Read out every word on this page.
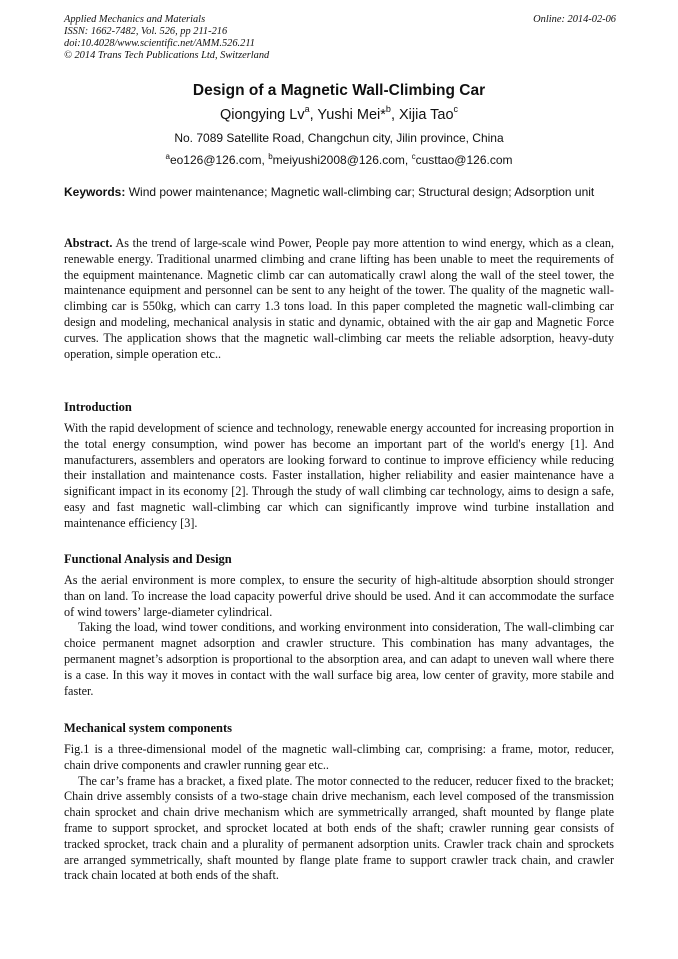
Applied Mechanics and Materials
ISSN: 1662-7482, Vol. 526, pp 211-216
doi:10.4028/www.scientific.net/AMM.526.211
© 2014 Trans Tech Publications Ltd, Switzerland
Online: 2014-02-06
Design of a Magnetic Wall-Climbing Car
Qiongying Lv$^a$, Yushi Mei*$^b$, Xijia Tao$^c$
No. 7089 Satellite Road, Changchun city, Jilin province, China
$^a$eo126@126.com, $^b$meiyushi2008@126.com, $^c$custtao@126.com
Keywords: Wind power maintenance; Magnetic wall-climbing car; Structural design; Adsorption unit

Abstract. As the trend of large-scale wind Power, People pay more attention to wind energy, which as a clean, renewable energy. Traditional unarmed climbing and crane lifting has been unable to meet the requirements of the equipment maintenance. Magnetic climb car can automatically crawl along the wall of the steel tower, the maintenance equipment and personnel can be sent to any height of the tower. The quality of the magnetic wall-climbing car is 550kg, which can carry 1.3 tons load. In this paper completed the magnetic wall-climbing car design and modeling, mechanical analysis in static and dynamic, obtained with the air gap and Magnetic Force curves. The application shows that the magnetic wall-climbing car meets the reliable adsorption, heavy-duty operation, simple operation etc..

Introduction

With the rapid development of science and technology, renewable energy accounted for increasing proportion in the total energy consumption, wind power has become an important part of the world's energy [1]. And manufacturers, assemblers and operators are looking forward to continue to improve efficiency while reducing their installation and maintenance costs. Faster installation, higher reliability and easier maintenance have a significant impact in its economy [2]. Through the study of wall climbing car technology, aims to design a safe, easy and fast magnetic wall-climbing car which can significantly improve wind turbine installation and maintenance efficiency [3].

Functional Analysis and Design

As the aerial environment is more complex, to ensure the security of high-altitude absorption should stronger than on land. To increase the load capacity powerful drive should be used. And it can accommodate the surface of wind towers’ large-diameter cylindrical.

Taking the load, wind tower conditions, and working environment into consideration, The wall-climbing car choice permanent magnet adsorption and crawler structure. This combination has many advantages, the permanent magnet’s adsorption is proportional to the absorption area, and can adapt to uneven wall where there is a case. In this way it moves in contact with the wall surface big area, low center of gravity, more stabile and faster.

Mechanical system components

Fig.1 is a three-dimensional model of the magnetic wall-climbing car, comprising: a frame, motor, reducer, chain drive components and crawler running gear etc..

The car’s frame has a bracket, a fixed plate. The motor connected to the reducer, reducer fixed to the bracket; Chain drive assembly consists of a two-stage chain drive mechanism, each level composed of the transmission chain sprocket and chain drive mechanism which are symmetrically arranged, shaft mounted by flange plate frame to support sprocket, and sprocket located at both ends of the shaft; crawler running gear consists of tracked sprocket, track chain and a plurality of permanent adsorption units. Crawler track chain and sprockets are arranged symmetrically, shaft mounted by flange plate frame to support crawler track chain, and crawler track chain located at both ends of the shaft.
